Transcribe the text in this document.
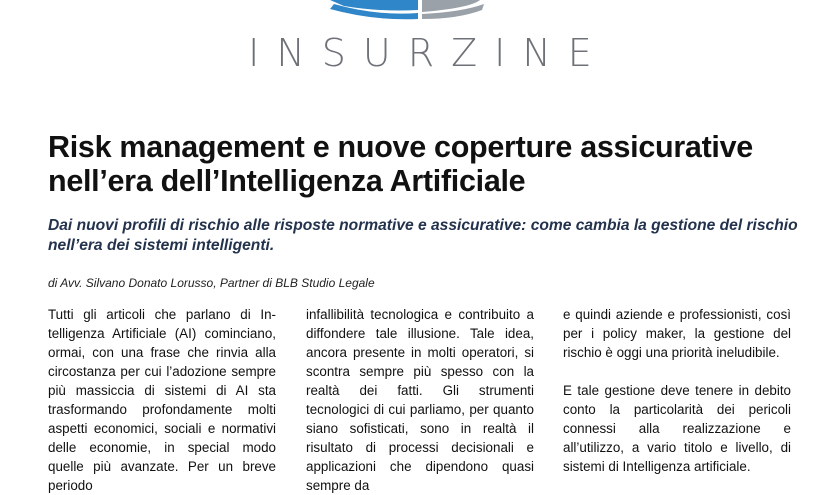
INSURZINE
Risk management e nuove coperture assicurative nell’era dell’Intelligenza Artificiale

Dai nuovi profili di rischio alle risposte normative e assicurative: come cambia la gestione del rischio nell’era dei sistemi intelligenti.

di Avv. Silvano Donato Lorusso, Partner di BLB Studio Legale

Tutti gli articoli che parlano di Intelligenza Artificiale (AI) cominciano, ormai, con una frase che rinvia alla circostanza per cui l’adozione sempre più massiccia di sistemi di AI sta trasformando profondamente molti aspetti economici, sociali e normativi delle economie, in special modo quelle più avanzate. Per un breve periodo

infallibilità tecnologica e contribuito a diffondere tale illusione. Tale idea, ancora presente in molti operatori, si scontra sempre più spesso con la realtà dei fatti. Gli strumenti tecnologici di cui parliamo, per quanto siano sofisticati, sono in realtà il risultato di processi decisionali e applicazioni che dipendono quasi sempre da

e quindi aziende e professionisti, così per i policy maker, la gestione del rischio è oggi una priorità ineludibile.

E tale gestione deve tenere in debito conto la particolarità dei pericoli connessi alla realizzazione e all’utilizzo, a vario titolo e livello, di sistemi di Intelligenza artificiale.
